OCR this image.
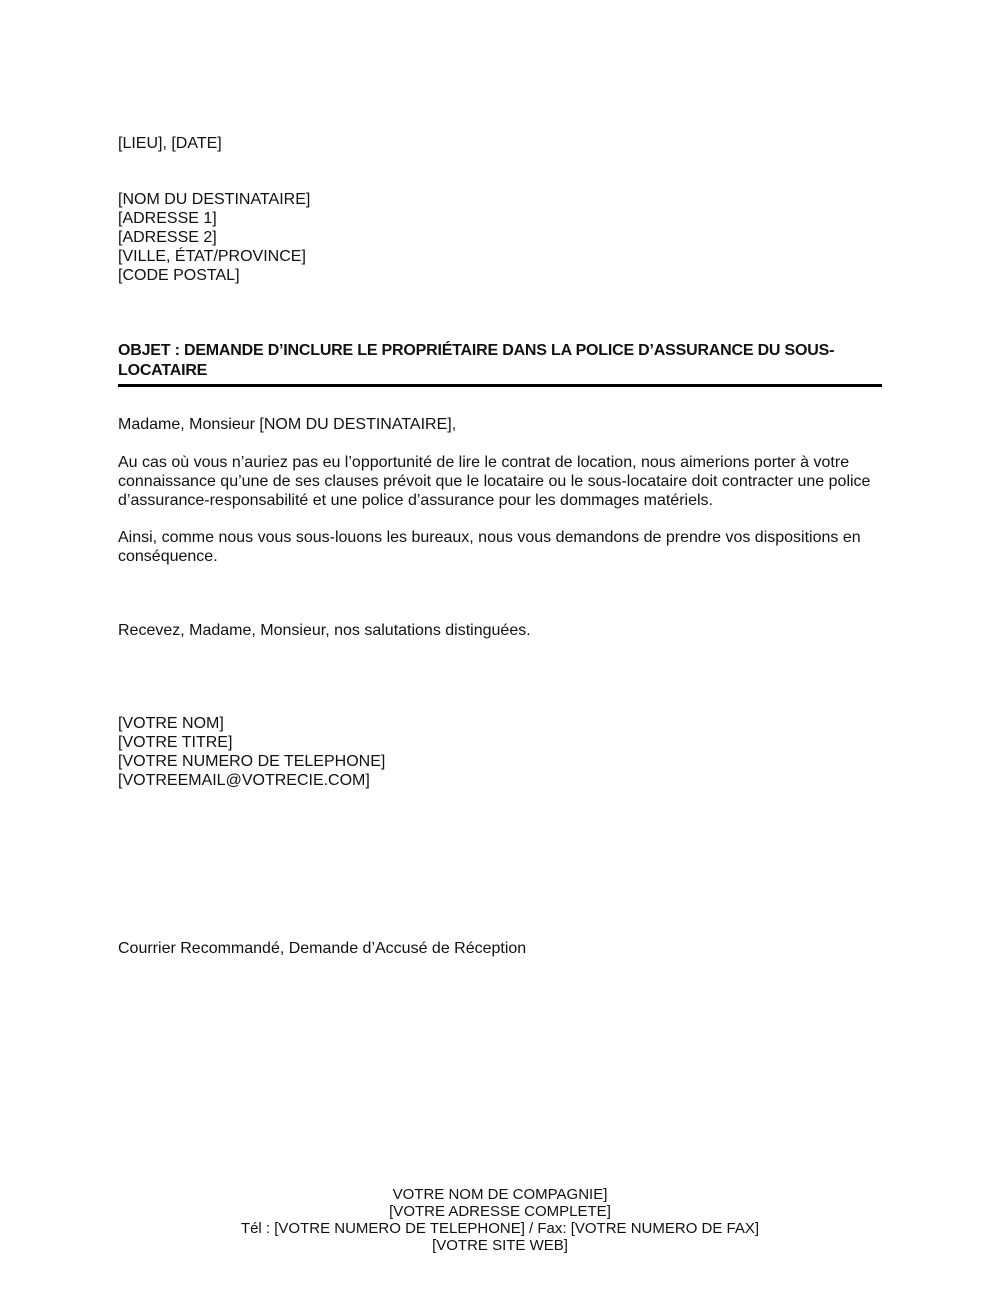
[LIEU], [DATE]
[NOM DU DESTINATAIRE]
[ADRESSE 1]
[ADRESSE 2]
[VILLE, ÉTAT/PROVINCE]
[CODE POSTAL]
OBJET : DEMANDE D’INCLURE LE PROPRIÉTAIRE DANS LA POLICE D’ASSURANCE DU SOUS-LOCATAIRE
Madame, Monsieur [NOM DU DESTINATAIRE],
Au cas où vous n’auriez pas eu l’opportunité de lire le contrat de location, nous aimerions porter à votre connaissance qu’une de ses clauses prévoit que le locataire ou le sous-locataire doit contracter une police d’assurance-responsabilité et une police d’assurance pour les dommages matériels.
Ainsi, comme nous vous sous-louons les bureaux, nous vous demandons de prendre vos dispositions en conséquence.
Recevez, Madame, Monsieur, nos salutations distinguées.
[VOTRE NOM]
[VOTRE TITRE]
[VOTRE NUMERO DE TELEPHONE]
[VOTREEMAIL@VOTRECIE.COM]
Courrier Recommandé, Demande d’Accusé de Réception
VOTRE NOM DE COMPAGNIE]
[VOTRE ADRESSE COMPLETE]
Tél : [VOTRE NUMERO DE TELEPHONE] / Fax: [VOTRE NUMERO DE FAX]
[VOTRE SITE WEB]
